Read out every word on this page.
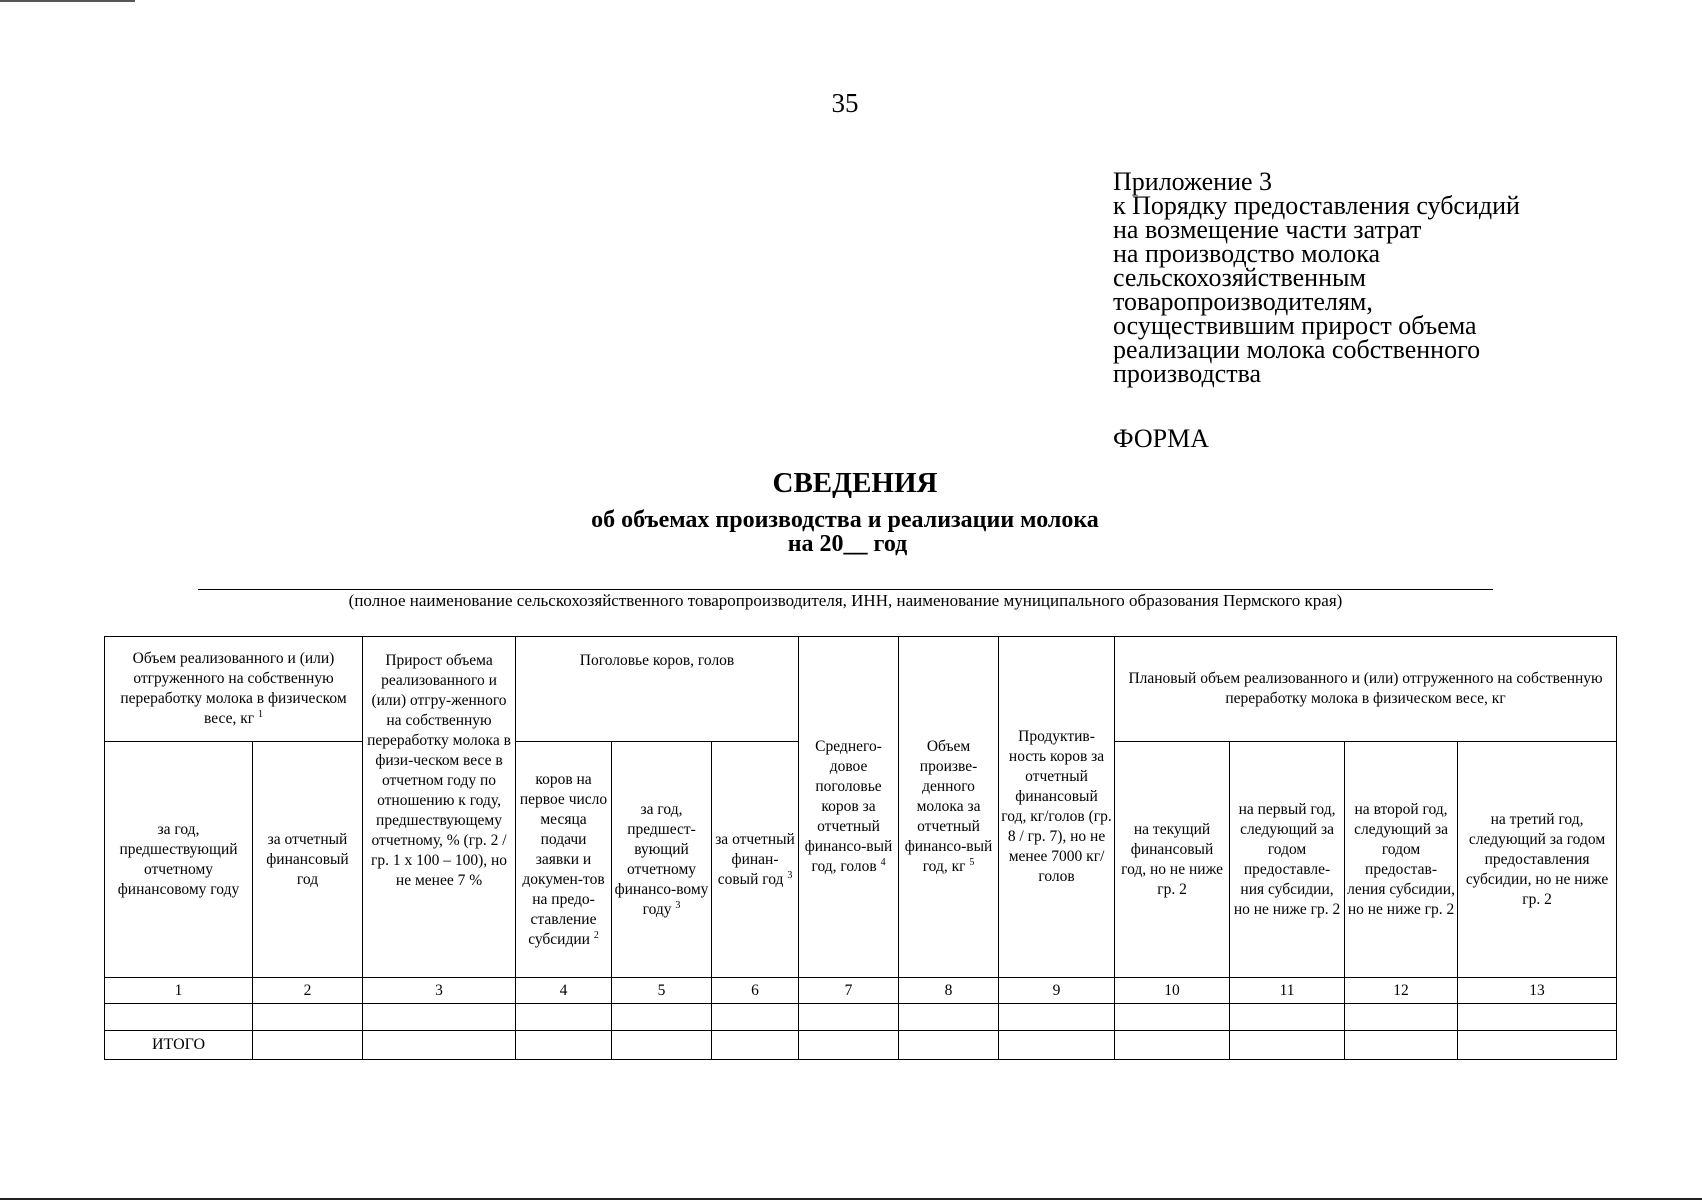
35
Приложение 3
к Порядку предоставления субсидий
на возмещение части затрат
на производство молока
сельскохозяйственным
товаропроизводителям,
осуществившим прирост объема
реализации молока собственного
производства
ФОРМА
СВЕДЕНИЯ
об объемах производства и реализации молока
на 20__ год
(полное наименование сельскохозяйственного товаропроизводителя, ИНН, наименование муниципального образования Пермского края)
Объем реализованного и (или) отгруженного на собственную переработку молока в физическом весе, кг $^1$		Прирост объема реализованного и (или) отгру-женного на собственную переработку молока в физи-ческом весе в отчетном году по отношению к году, предшествующему отчетному, % (гр. 2 / гр. 1 x 100 – 100), но не менее 7 %	Поголовье коров, голов			Среднего-довое поголовье коров за отчетный финансо-вый год, голов $^4$	Объем произве-денного молока за отчетный финансо-вый год, кг $^5$	Продуктив-ность коров за отчетный финансовый год, кг/голов (гр. 8 / гр. 7), но не менее 7000 кг/голов	Плановый объем реализованного и (или) отгруженного на собственную переработку молока в физическом весе, кг			
за год, предшествующий отчетному финансовому году	за отчетный финансовый год		коров на первое число месяца подачи заявки и докумен-тов на предо-ставление субсидии $^2$	за год, предшест-вующий отчетному финансо-вому году $^3$	за отчетный финан-совый год $^3$				на текущий финансовый год, но не ниже гр. 2	на первый год, следующий за годом предоставле-ния субсидии, но не ниже гр. 2	на второй год, следующий за годом предостав-ления субсидии, но не ниже гр. 2	на третий год, следующий за годом предоставления субсидии, но не ниже гр. 2
1	2	3	4	5	6	7	8	9	10	11	12	13

ИТОГО												
